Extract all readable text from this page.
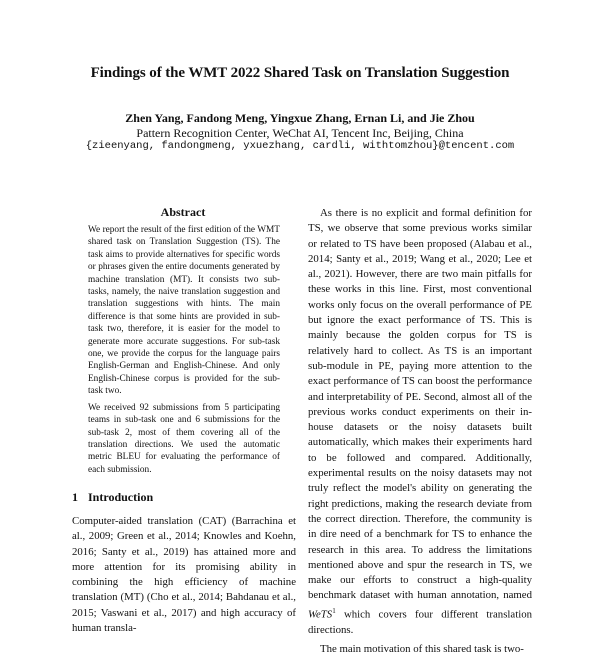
Findings of the WMT 2022 Shared Task on Translation Suggestion
Zhen Yang, Fandong Meng, Yingxue Zhang, Ernan Li, and Jie Zhou
Pattern Recognition Center, WeChat AI, Tencent Inc, Beijing, China
{zieenyang, fandongmeng, yxuezhang, cardli, withtomzhou}@tencent.com
Abstract

We report the result of the first edition of the WMT shared task on Translation Suggestion (TS). The task aims to provide alternatives for specific words or phrases given the entire documents generated by machine translation (MT). It consists two sub-tasks, namely, the naive translation suggestion and translation suggestions with hints. The main difference is that some hints are provided in sub-task two, therefore, it is easier for the model to generate more accurate suggestions. For sub-task one, we provide the corpus for the language pairs English-German and English-Chinese. And only English-Chinese corpus is provided for the sub-task two.

We received 92 submissions from 5 participating teams in sub-task one and 6 submissions for the sub-task 2, most of them covering all of the translation directions. We used the automatic metric BLEU for evaluating the performance of each submission.

1 Introduction
Computer-aided translation (CAT) (Barrachina et al., 2009; Green et al., 2014; Knowles and Koehn, 2016; Santy et al., 2019) has attained more and more attention for its promising ability in combining the high efficiency of machine translation (MT) (Cho et al., 2014; Bahdanau et al., 2015; Vaswani et al., 2017) and high accuracy of human transla-

As there is no explicit and formal definition for TS, we observe that some previous works similar or related to TS have been proposed (Alabau et al., 2014; Santy et al., 2019; Wang et al., 2020; Lee et al., 2021). However, there are two main pitfalls for these works in this line. First, most conventional works only focus on the overall performance of PE but ignore the exact performance of TS. This is mainly because the golden corpus for TS is relatively hard to collect. As TS is an important sub-module in PE, paying more attention to the exact performance of TS can boost the performance and interpretability of PE. Second, almost all of the previous works conduct experiments on their in-house datasets or the noisy datasets built automatically, which makes their experiments hard to be followed and compared. Additionally, experimental results on the noisy datasets may not truly reflect the model's ability on generating the right predictions, making the research deviate from the correct direction. Therefore, the community is in dire need of a benchmark for TS to enhance the research in this area. To address the limitations mentioned above and spur the research in TS, we make our efforts to construct a high-quality benchmark dataset with human annotation, named WeTS$^1$ which covers four different translation directions.

The main motivation of this shared task is two-
